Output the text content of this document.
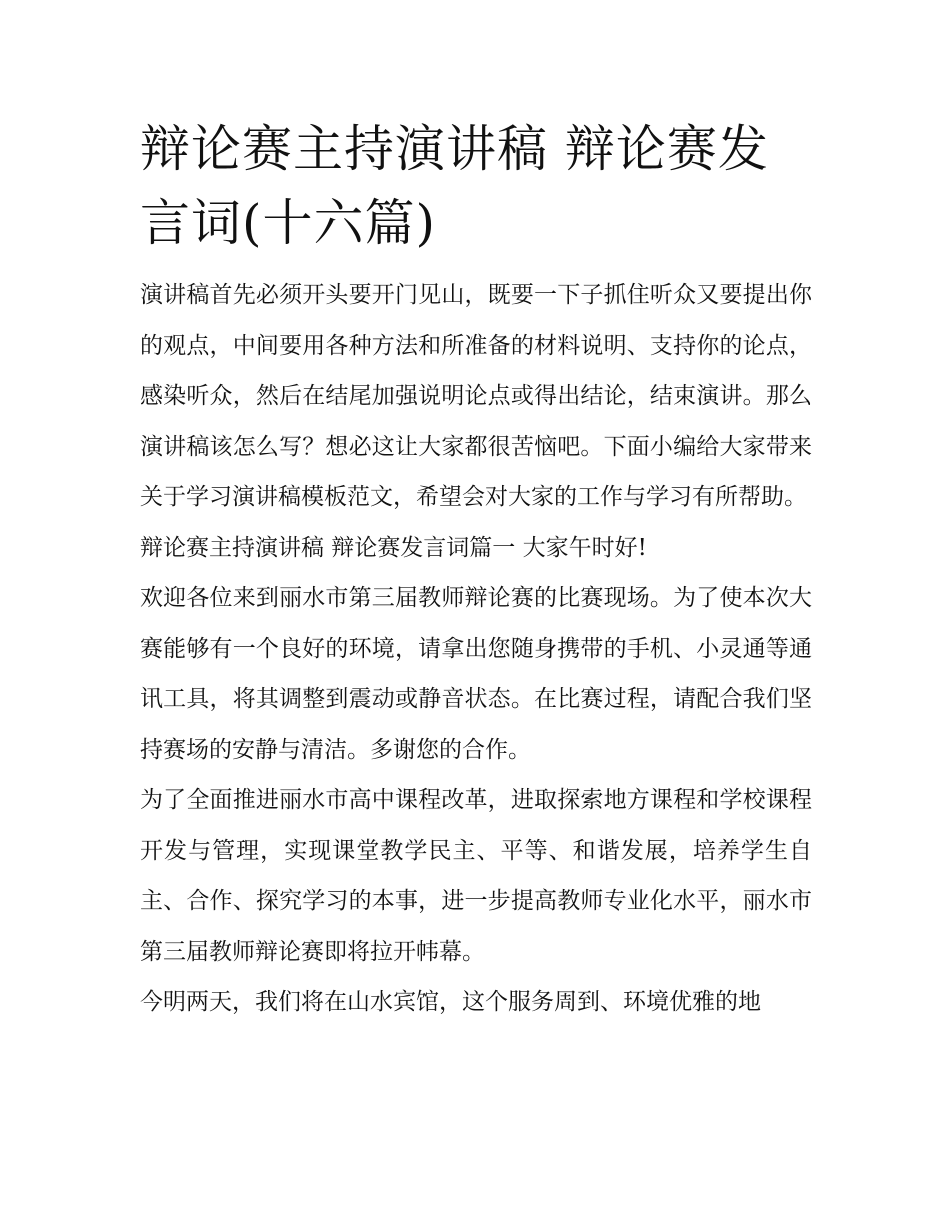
辩论赛主持演讲稿 辩论赛发言词(十六篇)

演讲稿首先必须开头要开门见山，既要一下子抓住听众又要提出你的观点，中间要用各种方法和所准备的材料说明、支持你的论点，感染听众，然后在结尾加强说明论点或得出结论，结束演讲。那么演讲稿该怎么写？想必这让大家都很苦恼吧。下面小编给大家带来关于学习演讲稿模板范文，希望会对大家的工作与学习有所帮助。

辩论赛主持演讲稿 辩论赛发言词篇一 大家午时好!

欢迎各位来到丽水市第三届教师辩论赛的比赛现场。为了使本次大赛能够有一个良好的环境，请拿出您随身携带的手机、小灵通等通讯工具，将其调整到震动或静音状态。在比赛过程，请配合我们坚持赛场的安静与清洁。多谢您的合作。

为了全面推进丽水市高中课程改革，进取探索地方课程和学校课程开发与管理，实现课堂教学民主、平等、和谐发展，培养学生自主、合作、探究学习的本事，进一步提高教师专业化水平，丽水市第三届教师辩论赛即将拉开帏幕。

今明两天，我们将在山水宾馆，这个服务周到、环境优雅的地
